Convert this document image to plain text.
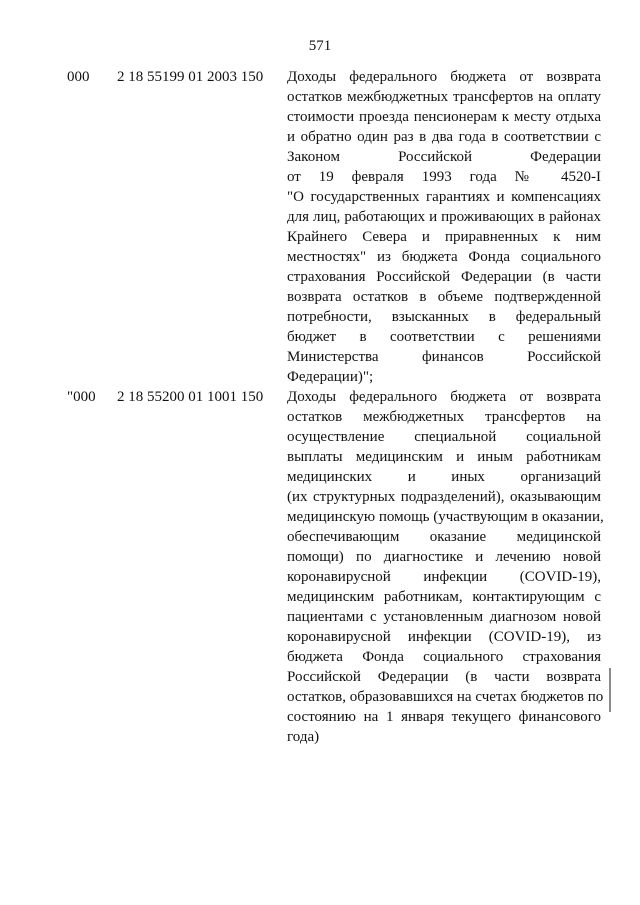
571
000 2 18 55199 01 2003 150 Доходы федерального бюджета от возврата
остатков межбюджетных трансфертов на оплату
стоимости проезда пенсионерам к месту отдыха
и обратно один раз в два года в соответствии с
Законом Российской Федерации
от 19 февраля 1993 года № 4520-I
"О государственных гарантиях и компенсациях
для лиц, работающих и проживающих в районах
Крайнего Севера и приравненных к ним
местностях" из бюджета Фонда социального
страхования Российской Федерации (в части
возврата остатков в объеме подтвержденной
потребности, взысканных в федеральный
бюджет в соответствии с решениями
Министерства финансов Российской
Федерации)";
"000 2 18 55200 01 1001 150 Доходы федерального бюджета от возврата
остатков межбюджетных трансфертов на
осуществление специальной социальной
выплаты медицинским и иным работникам
медицинских и иных организаций
(их структурных подразделений), оказывающим
медицинскую помощь (участвующим в оказании,
обеспечивающим оказание медицинской
помощи) по диагностике и лечению новой
коронавирусной инфекции (COVID-19),
медицинским работникам, контактирующим с
пациентами с установленным диагнозом новой
коронавирусной инфекции (COVID-19), из
бюджета Фонда социального страхования
Российской Федерации (в части возврата
остатков, образовавшихся на счетах бюджетов по
состоянию на 1 января текущего финансового
года)
